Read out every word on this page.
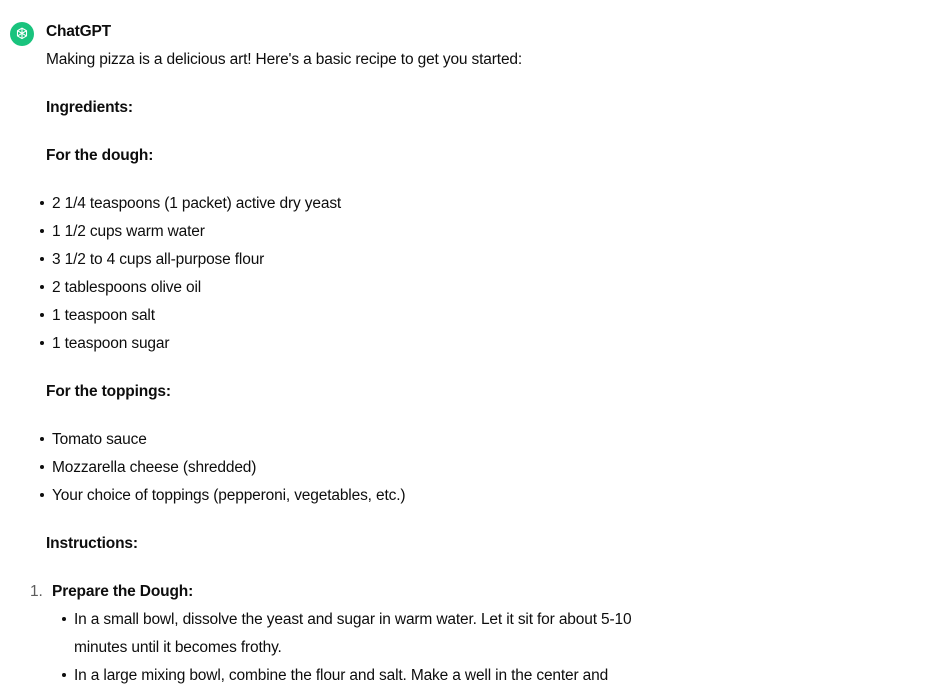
ChatGPT

Making pizza is a delicious art! Here's a basic recipe to get you started:

Ingredients:

For the dough:

2 1/4 teaspoons (1 packet) active dry yeast
1 1/2 cups warm water
3 1/2 to 4 cups all-purpose flour
2 tablespoons olive oil
1 teaspoon salt
1 teaspoon sugar

For the toppings:

Tomato sauce
Mozzarella cheese (shredded)
Your choice of toppings (pepperoni, vegetables, etc.)

Instructions:

1. Prepare the Dough:
In a small bowl, dissolve the yeast and sugar in warm water. Let it sit for about 5-10 minutes until it becomes frothy.
In a large mixing bowl, combine the flour and salt. Make a well in the center and
